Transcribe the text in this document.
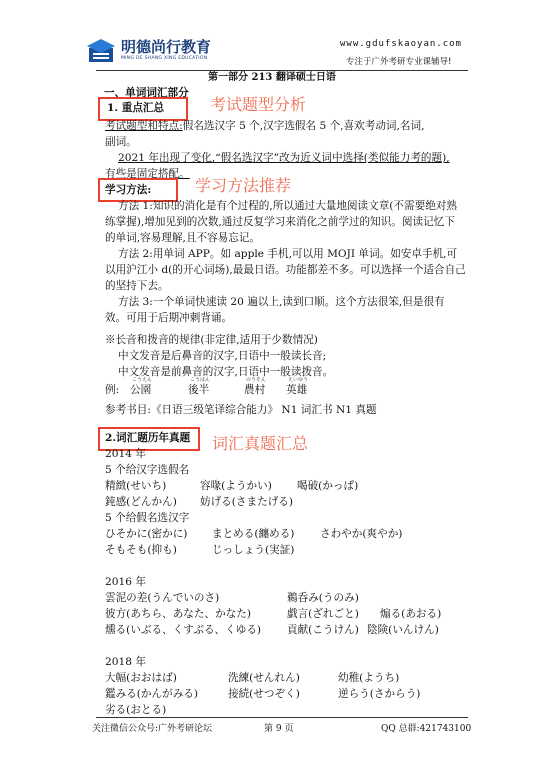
明德尚行教育
MING DE SHANG XING EDUCATION
www.gdufskaoyan.com
专注于广外考研专业课辅导!
第一部分 213 翻译硕士日语
一、单词词汇部分
1. 重点汇总	考试题型分析
考试题型和特点:假名选汉字 5 个,汉字选假名 5 个,喜欢考动词,名词,
副词。
2021 年出现了变化,“假名选汉字”改为近义词中选择(类似能力考的题),
有些是固定搭配。
学习方法:	学习方法推荐
方法 1:知识的消化是有个过程的,所以通过大量地阅读文章(不需要绝对熟
练掌握),增加见到的次数,通过反复学习来消化之前学过的知识。阅读记忆下
的单词,容易理解,且不容易忘记。
方法 2:用单词 APP。如 apple 手机,可以用 MOJI 单词。如安卓手机,可
以用沪江小 d(的开心词场),最最日语。功能都差不多。可以选择一个适合自己
的坚持下去。
方法 3:一个单词快速读 20 遍以上,读到口顺。这个方法很笨,但是很有
效。可用于后期冲刺背诵。
※长音和拨音的规律(非定律,适用于少数情况)
中文发音是后鼻音的汉字,日语中一般读长音;
中文发音是前鼻音的汉字,日语中一般读拨音。
例:
こうえん
公園
こうはん
後半
のうそん
農村
えいゆう
英雄
参考书目:《日语三级笔译综合能力》 N1 词汇书 N1 真题
2.词汇题历年真题 词汇真题汇总
2014 年
5 个给汉字选假名
精緻(せいち)	容喙(ようかい) 喝破(かっぱ)
鈍感(どんかん) 妨げる(さまたげる)
5 个给假名选汉字
ひそかに(密かに) まとめる(纏める) さわやか(爽やか)
そもそも(抑も)	じっしょう(実証)
2016 年
雲泥の差(うんでいのさ)	鵜呑み(うのみ)
彼方(あちら、あなた、かなた)	戯言(ざれごと) 煽る(あおる)
燻る(いぶる、くすぶる、くゆる) 貢献(こうけん) 陰険(いんけん)
2018 年
大幅(おおはば)	洗練(せんれん)	幼稚(ようち)
鑑みる(かんがみる)	接続(せつぞく)	逆らう(さからう)
劣る(おとる)
关注微信公众号:广外考研论坛	第 9 页	QQ 总群:421743100
